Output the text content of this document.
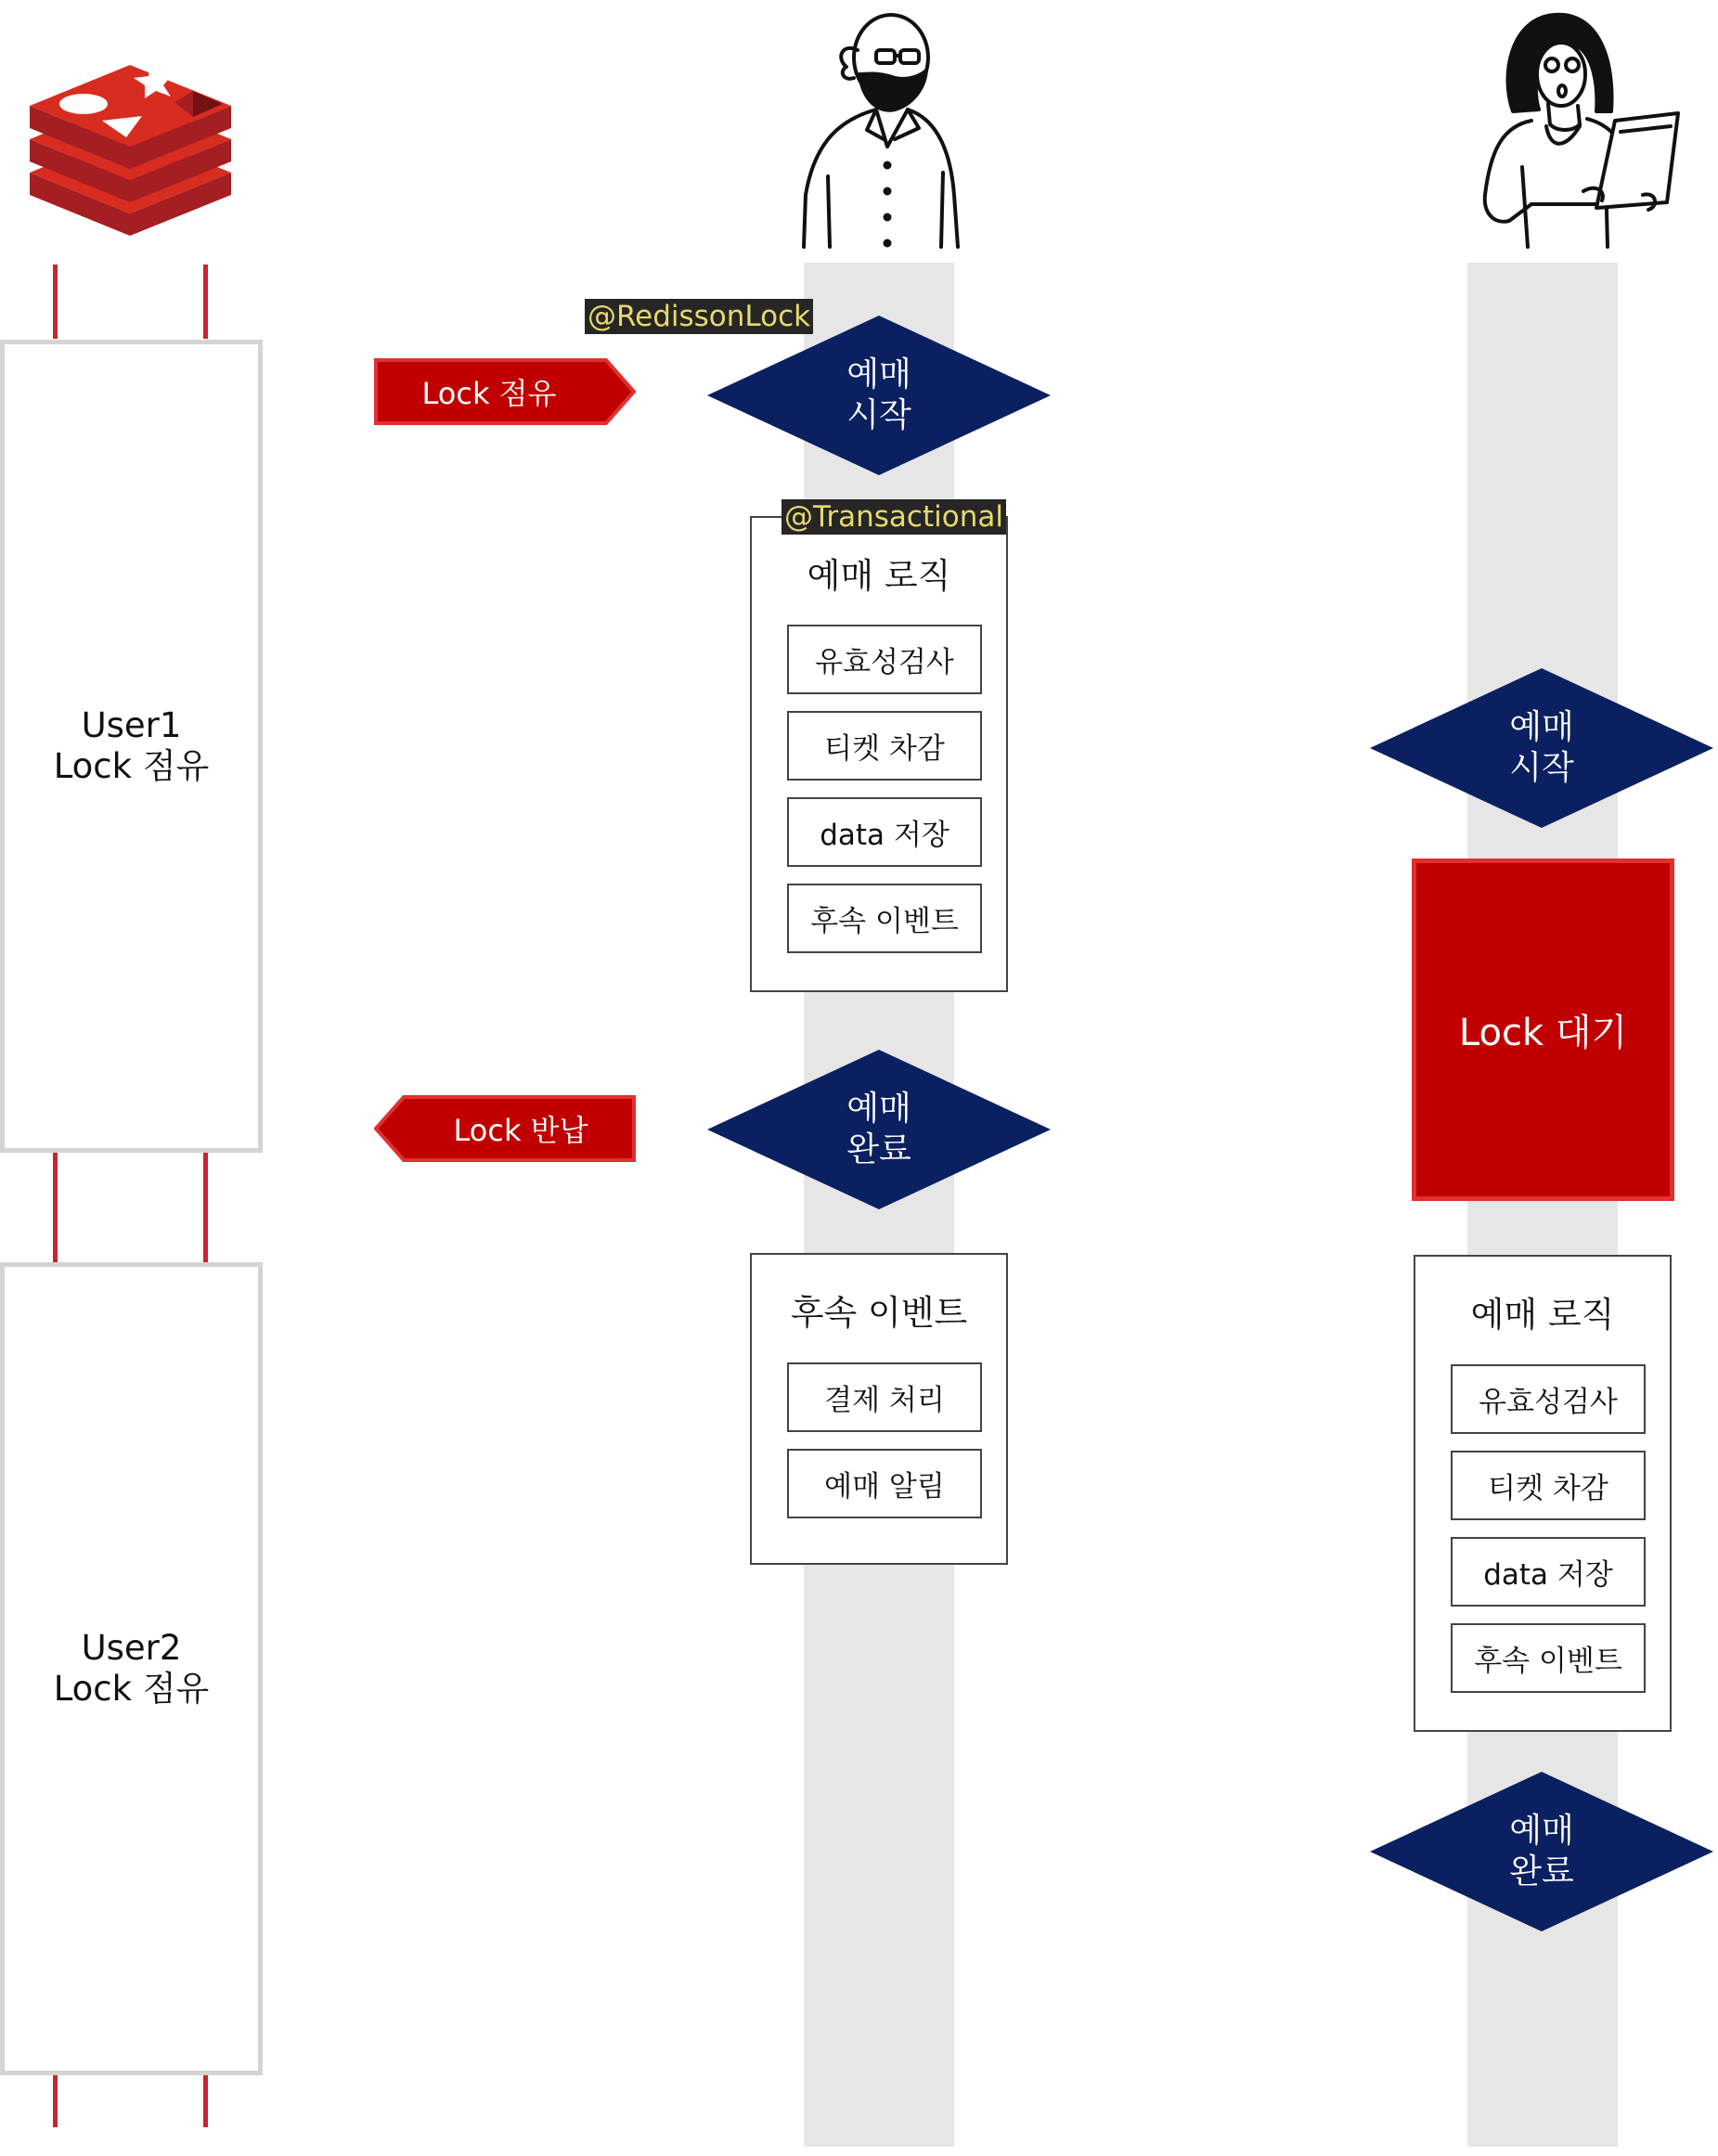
User1
Lock 점유
User2
Lock 점유
Lock 점유
Lock 반납
@RedissonLock
예매
시작
예매 로직
유효성검사
티켓 차감
data 저장
후속 이벤트
@Transactional
예매
완료
후속 이벤트
결제 처리
예매 알림
예매
시작
Lock 대기
예매 로직
유효성검사
티켓 차감
data 저장
후속 이벤트
예매
완료
